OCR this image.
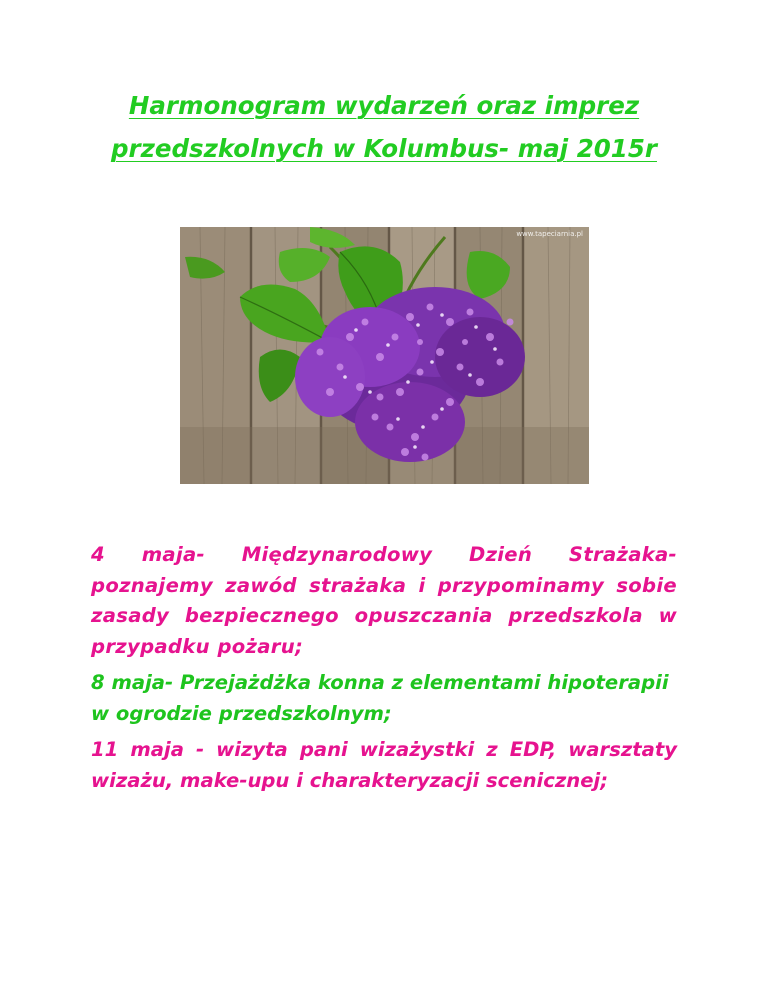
Harmonogram wydarzeń oraz imprez
przedszkolnych w Kolumbus- maj 2015r
www.tapeciarnia.pl

4 maja- Międzynarodowy Dzień Strażaka-poznajemy zawód strażaka i przypominamy sobie zasady bezpiecznego opuszczania przedszkola w przypadku pożaru;

8 maja- Przejażdżka konna z elementami hipoterapii w ogrodzie przedszkolnym;

11 maja - wizyta pani wizażystki z EDP, warsztaty wizażu, make-upu i charakteryzacji scenicznej;
